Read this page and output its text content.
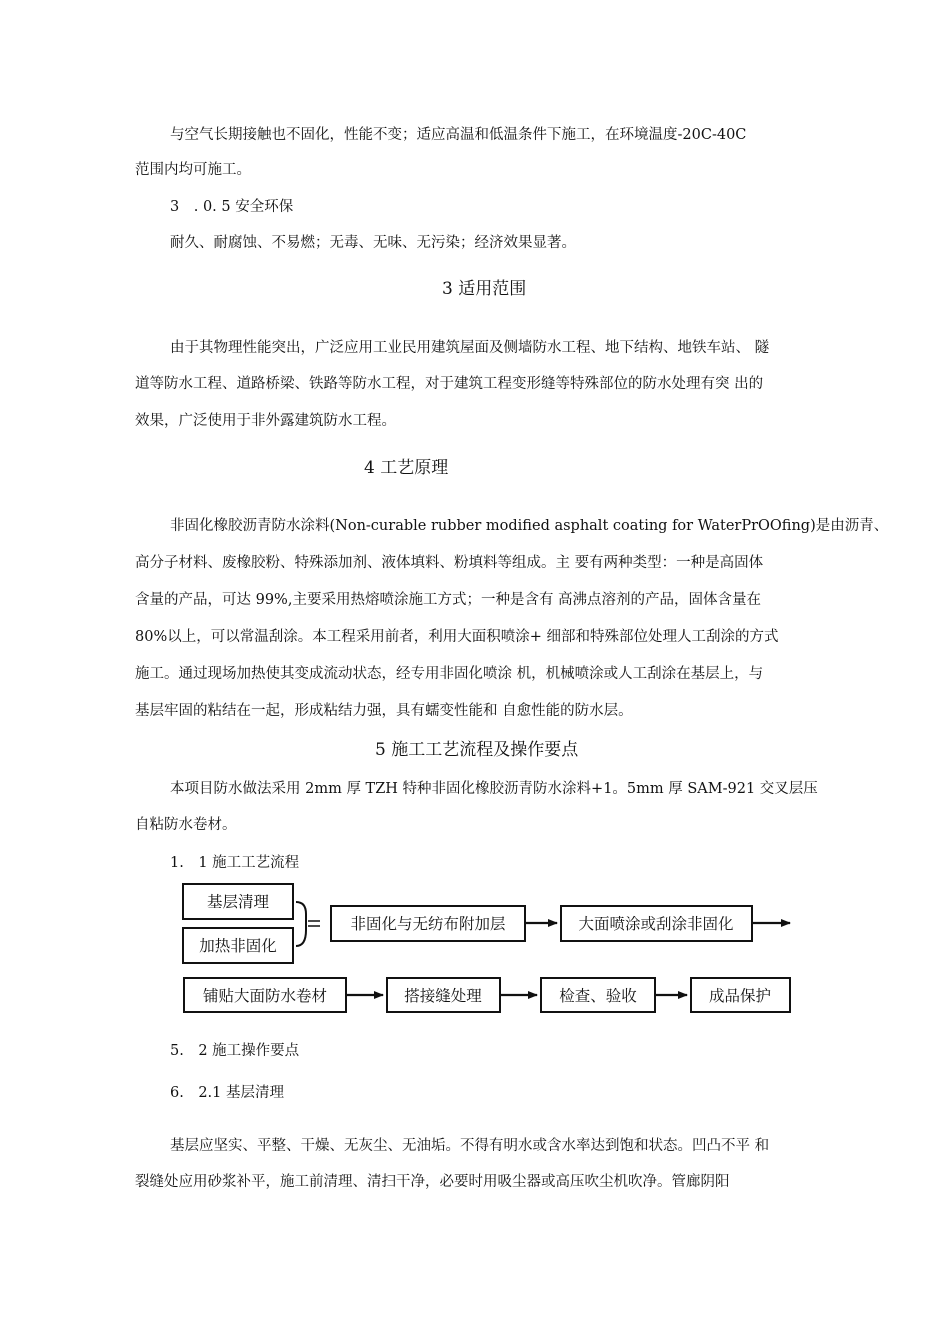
与空气长期接触也不固化，性能不变；适应高温和低温条件下施工，在环境温度-20C-40C
范围内均可施工。
3　. 0. 5 安全环保
耐久、耐腐蚀、不易燃；无毒、无味、无污染；经济效果显著。
3 适用范围
由于其物理性能突出，广泛应用工业民用建筑屋面及侧墙防水工程、地下结构、地铁车站、 隧
道等防水工程、道路桥梁、铁路等防水工程，对于建筑工程变形缝等特殊部位的防水处理有突 出的
效果，广泛使用于非外露建筑防水工程。
4 工艺原理
非固化橡胶沥青防水涂料(Non-curable rubber modified asphalt coating for WaterPrOOfing)是由沥青、
高分子材料、废橡胶粉、特殊添加剂、液体填料、粉填料等组成。主 要有两种类型：一种是高固体
含量的产品，可达 99%,主要采用热熔喷涂施工方式；一种是含有 高沸点溶剂的产品，固体含量在
80%以上，可以常温刮涂。本工程采用前者，利用大面积喷涂+ 细部和特殊部位处理人工刮涂的方式
施工。通过现场加热使其变成流动状态，经专用非固化喷涂 机，机械喷涂或人工刮涂在基层上，与
基层牢固的粘结在一起，形成粘结力强，具有蠕变性能和 自愈性能的防水层。
5 施工工艺流程及操作要点
本项目防水做法采用 2mm 厚 TZH 特种非固化橡胶沥青防水涂料+1。5mm 厚 SAM-921 交叉层压
自粘防水卷材。
1.　1 施工工艺流程
基层清理
加热非固化
非固化与无纺布附加层	大面喷涂或刮涂非固化
铺贴大面防水卷材	搭接缝处理	检查、验收	成品保护
5.　2 施工操作要点
6.　2.1 基层清理
基层应坚实、平整、干燥、无灰尘、无油垢。不得有明水或含水率达到饱和状态。凹凸不平 和
裂缝处应用砂浆补平，施工前清理、清扫干净，必要时用吸尘器或高压吹尘机吹净。管廊阴阳
